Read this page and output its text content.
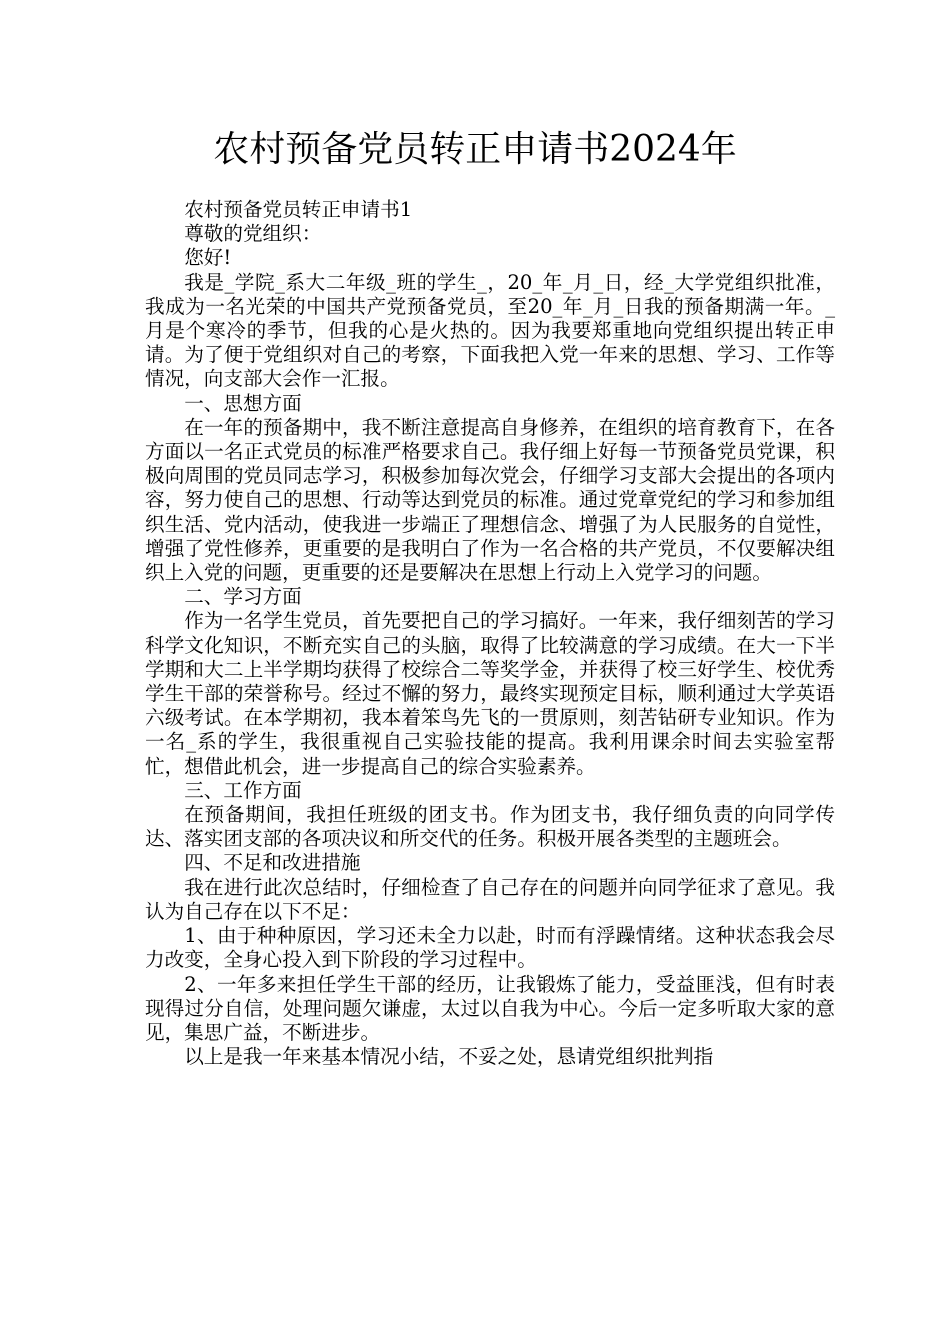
农村预备党员转正申请书2024年

农村预备党员转正申请书1

尊敬的党组织：

您好!

我是_学院_系大二年级_班的学生_，20_年_月_日，经_大学党组织批准，我成为一名光荣的中国共产党预备党员，至20_年_月_日我的预备期满一年。_月是个寒冷的季节，但我的心是火热的。因为我要郑重地向党组织提出转正申请。为了便于党组织对自己的考察，下面我把入党一年来的思想、学习、工作等情况，向支部大会作一汇报。

一、思想方面

在一年的预备期中，我不断注意提高自身修养，在组织的培育教育下，在各方面以一名正式党员的标准严格要求自己。我仔细上好每一节预备党员党课，积极向周围的党员同志学习，积极参加每次党会，仔细学习支部大会提出的各项内容，努力使自己的思想、行动等达到党员的标准。通过党章党纪的学习和参加组织生活、党内活动，使我进一步端正了理想信念、增强了为人民服务的自觉性，增强了党性修养，更重要的是我明白了作为一名合格的共产党员，不仅要解决组织上入党的问题，更重要的还是要解决在思想上行动上入党学习的问题。

二、学习方面

作为一名学生党员，首先要把自己的学习搞好。一年来，我仔细刻苦的学习科学文化知识，不断充实自己的头脑，取得了比较满意的学习成绩。在大一下半学期和大二上半学期均获得了校综合二等奖学金，并获得了校三好学生、校优秀学生干部的荣誉称号。经过不懈的努力，最终实现预定目标，顺利通过大学英语六级考试。在本学期初，我本着笨鸟先飞的一贯原则，刻苦钻研专业知识。作为一名_系的学生，我很重视自己实验技能的提高。我利用课余时间去实验室帮忙，想借此机会，进一步提高自己的综合实验素养。

三、工作方面

在预备期间，我担任班级的团支书。作为团支书，我仔细负责的向同学传达、落实团支部的各项决议和所交代的任务。积极开展各类型的主题班会。

四、不足和改进措施

我在进行此次总结时，仔细检查了自己存在的问题并向同学征求了意见。我认为自己存在以下不足：

1、由于种种原因，学习还未全力以赴，时而有浮躁情绪。这种状态我会尽力改变，全身心投入到下阶段的学习过程中。

2、一年多来担任学生干部的经历，让我锻炼了能力，受益匪浅，但有时表现得过分自信，处理问题欠谦虚，太过以自我为中心。今后一定多听取大家的意见，集思广益，不断进步。

以上是我一年来基本情况小结，不妥之处，恳请党组织批判指
